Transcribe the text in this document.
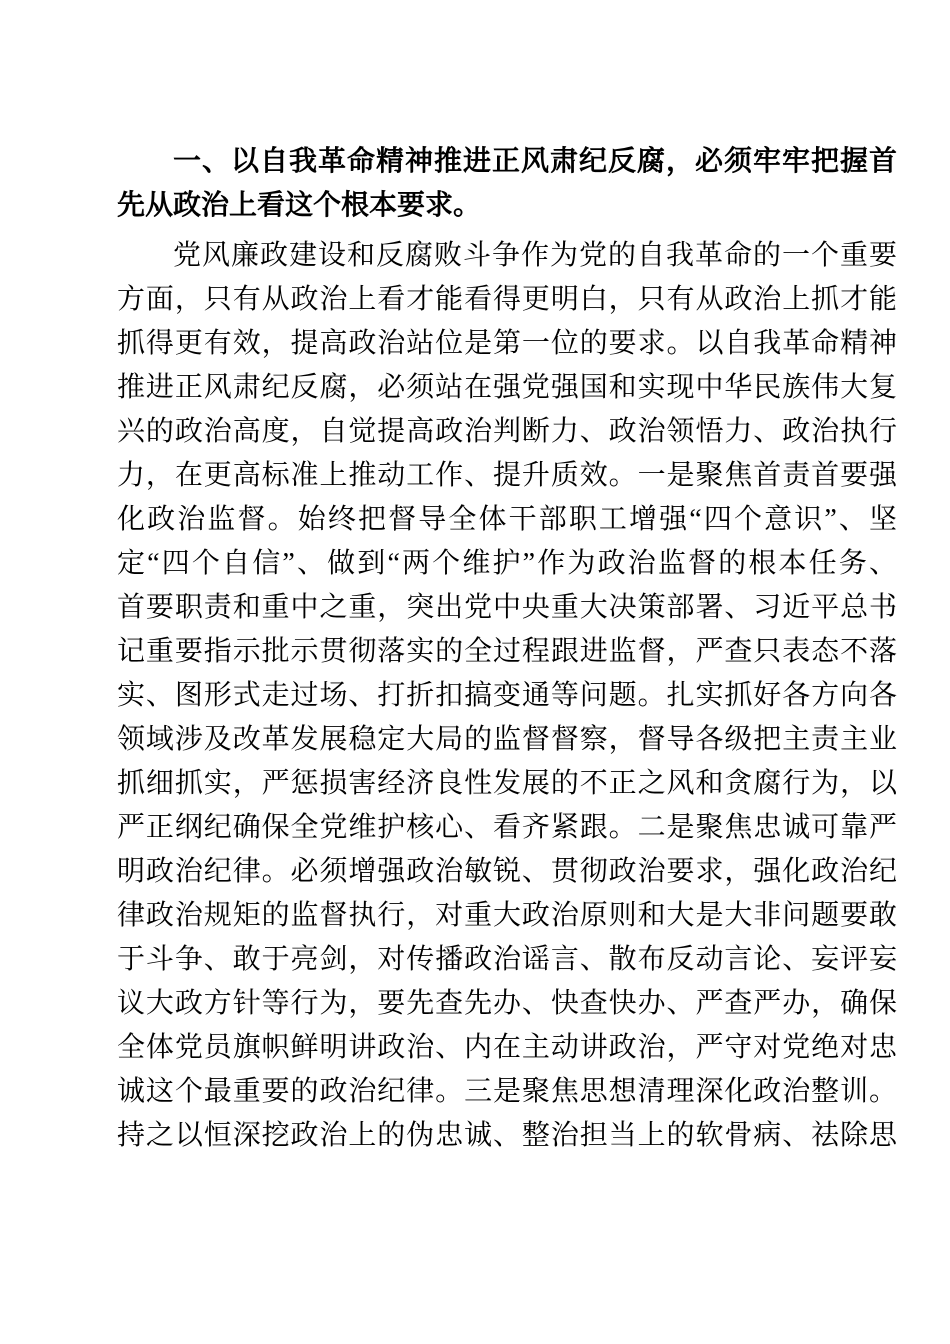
一、以自我革命精神推进正风肃纪反腐，必须牢牢把握首
先从政治上看这个根本要求。
党风廉政建设和反腐败斗争作为党的自我革命的一个重要
方面，只有从政治上看才能看得更明白，只有从政治上抓才能
抓得更有效，提高政治站位是第一位的要求。以自我革命精神
推进正风肃纪反腐，必须站在强党强国和实现中华民族伟大复
兴的政治高度，自觉提高政治判断力、政治领悟力、政治执行
力，在更高标准上推动工作、提升质效。一是聚焦首责首要强
化政治监督。始终把督导全体干部职工增强“四个意识”、坚
定“四个自信”、做到“两个维护”作为政治监督的根本任务、
首要职责和重中之重，突出党中央重大决策部署、习近平总书
记重要指示批示贯彻落实的全过程跟进监督，严查只表态不落
实、图形式走过场、打折扣搞变通等问题。扎实抓好各方向各
领域涉及改革发展稳定大局的监督督察，督导各级把主责主业
抓细抓实，严惩损害经济良性发展的不正之风和贪腐行为，以
严正纲纪确保全党维护核心、看齐紧跟。二是聚焦忠诚可靠严
明政治纪律。必须增强政治敏锐、贯彻政治要求，强化政治纪
律政治规矩的监督执行，对重大政治原则和大是大非问题要敢
于斗争、敢于亮剑，对传播政治谣言、散布反动言论、妄评妄
议大政方针等行为，要先查先办、快查快办、严查严办，确保
全体党员旗帜鲜明讲政治、内在主动讲政治，严守对党绝对忠
诚这个最重要的政治纪律。三是聚焦思想清理深化政治整训。
持之以恒深挖政治上的伪忠诚、整治担当上的软骨病、祛除思
